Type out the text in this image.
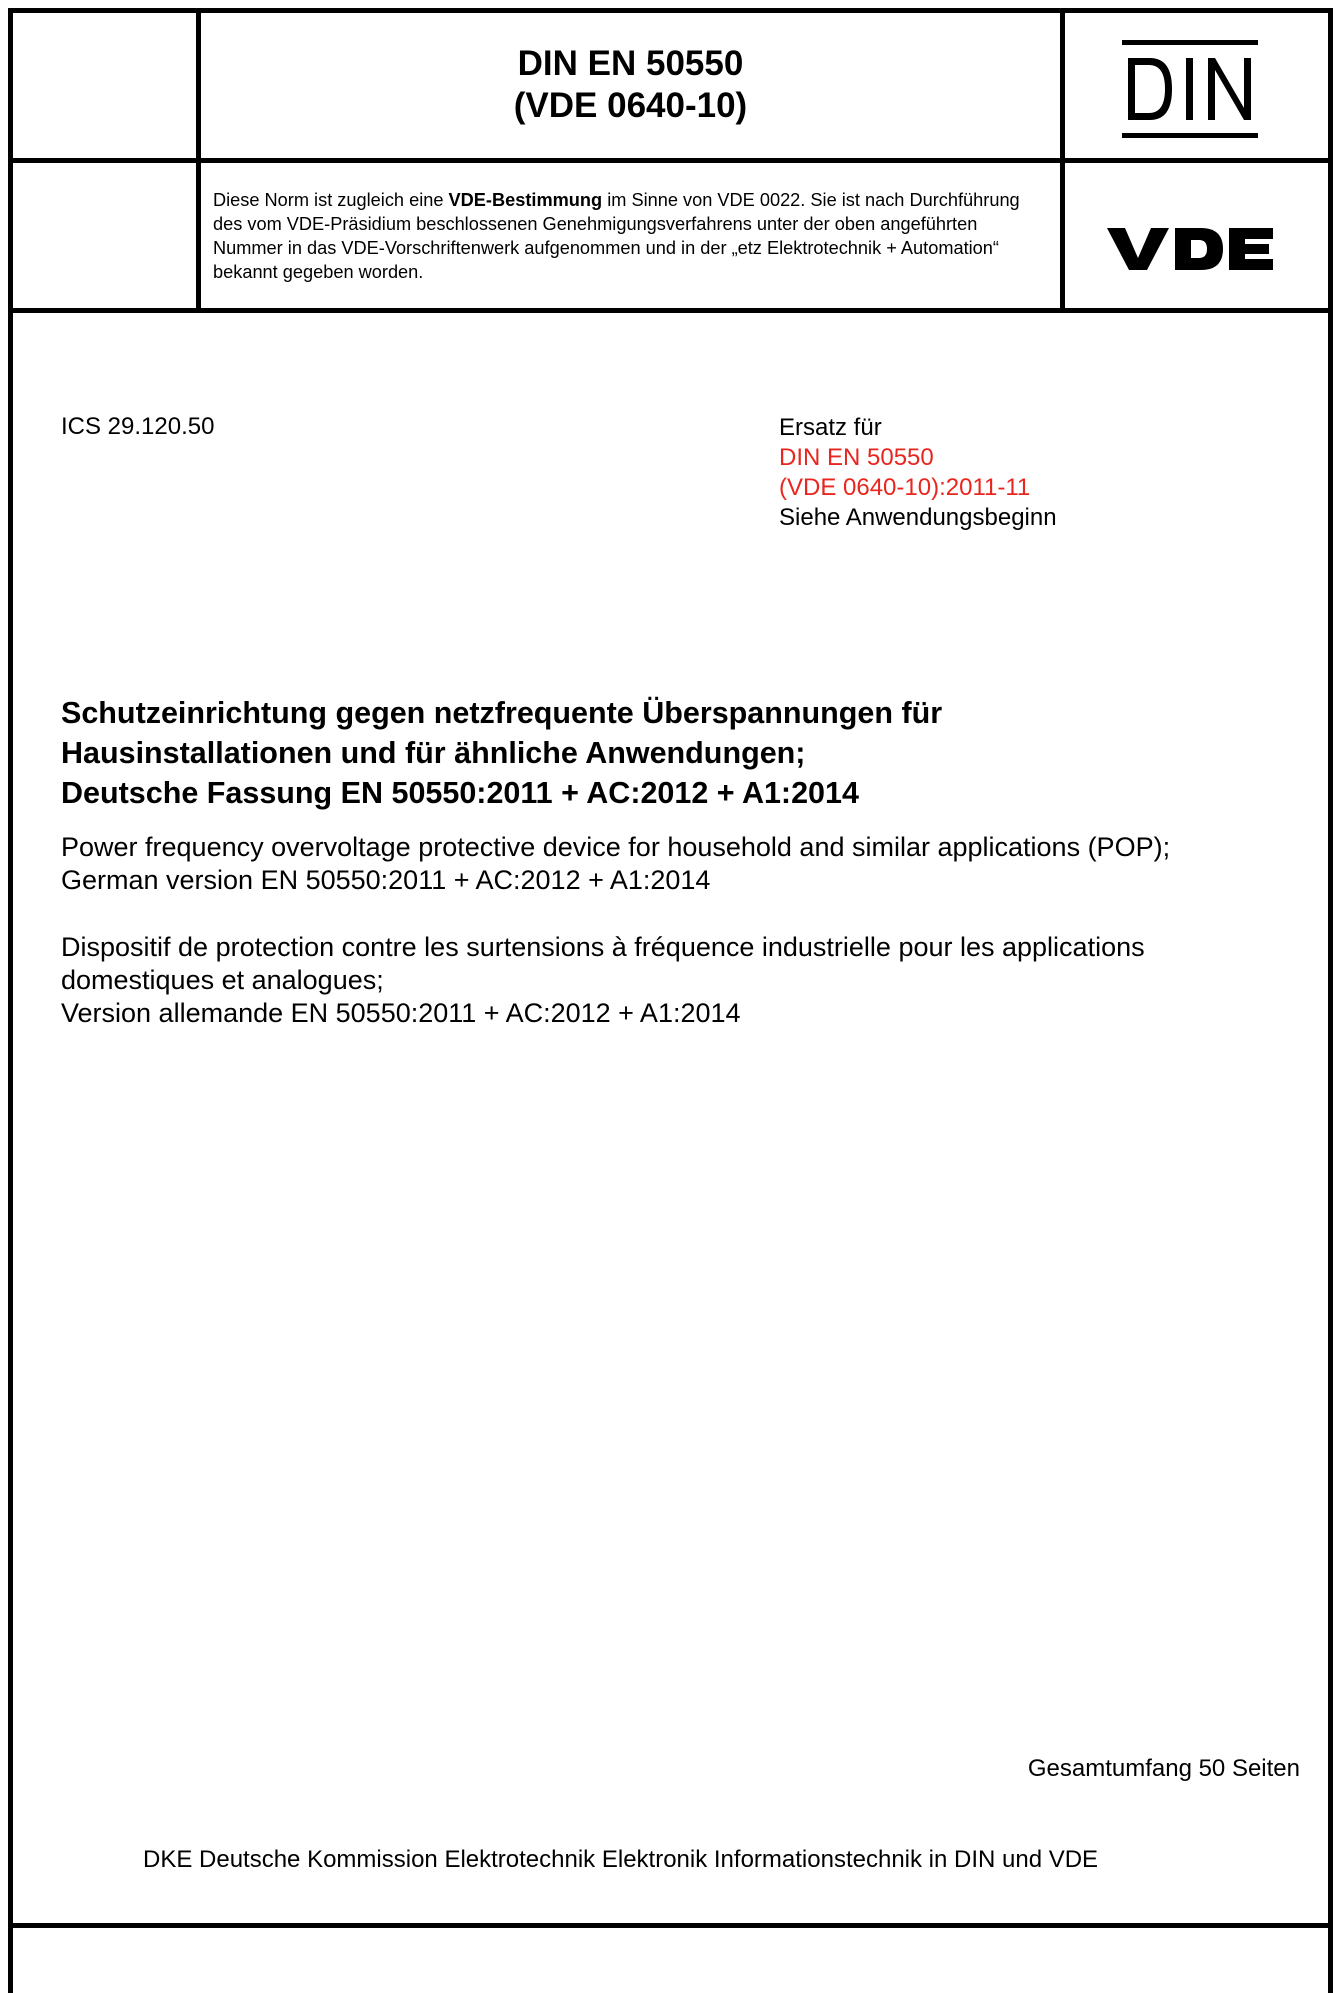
DIN EN 50550
(VDE 0640-10)
Diese Norm ist zugleich eine VDE-Bestimmung im Sinne von VDE 0022. Sie ist nach Durchführung des vom VDE-Präsidium beschlossenen Genehmigungsverfahrens unter der oben angeführten Nummer in das VDE-Vorschriftenwerk aufgenommen und in der „etz Elektrotechnik + Automation“ bekannt gegeben worden.
ICS 29.120.50	Ersatz für
DIN EN 50550
(VDE 0640-10):2011-11
Siehe Anwendungsbeginn
Schutzeinrichtung gegen netzfrequente Überspannungen für
Hausinstallationen und für ähnliche Anwendungen;
Deutsche Fassung EN 50550:2011 + AC:2012 + A1:2014
Power frequency overvoltage protective device for household and similar applications (POP);
German version EN 50550:2011 + AC:2012 + A1:2014
Dispositif de protection contre les surtensions à fréquence industrielle pour les applications
domestiques et analogues;
Version allemande EN 50550:2011 + AC:2012 + A1:2014
Gesamtumfang 50 Seiten
DKE Deutsche Kommission Elektrotechnik Elektronik Informationstechnik in DIN und VDE
